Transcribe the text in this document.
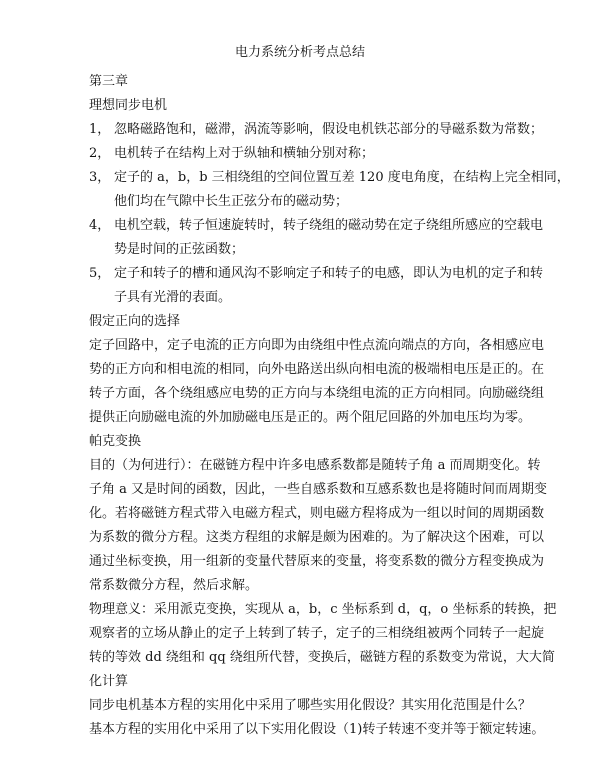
电力系统分析考点总结
第三章
理想同步电机
1， 忽略磁路饱和，磁滞，涡流等影响，假设电机铁芯部分的导磁系数为常数；
2， 电机转子在结构上对于纵轴和横轴分别对称；
3， 定子的 a，b，b 三相绕组的空间位置互差 120 度电角度，在结构上完全相同，
他们均在气隙中长生正弦分布的磁动势；
4， 电机空载，转子恒速旋转时，转子绕组的磁动势在定子绕组所感应的空载电
势是时间的正弦函数；
5， 定子和转子的槽和通风沟不影响定子和转子的电感，即认为电机的定子和转
子具有光滑的表面。
假定正向的选择
定子回路中，定子电流的正方向即为由绕组中性点流向端点的方向，各相感应电
势的正方向和相电流的相同，向外电路送出纵向相电流的极端相电压是正的。在
转子方面，各个绕组感应电势的正方向与本绕组电流的正方向相同。向励磁绕组
提供正向励磁电流的外加励磁电压是正的。两个阻尼回路的外加电压均为零。
帕克变换
目的（为何进行）：在磁链方程中许多电感系数都是随转子角 a 而周期变化。转
子角 a 又是时间的函数，因此，一些自感系数和互感系数也是将随时间而周期变
化。若将磁链方程式带入电磁方程式，则电磁方程将成为一组以时间的周期函数
为系数的微分方程。这类方程组的求解是颇为困难的。为了解决这个困难，可以
通过坐标变换，用一组新的变量代替原来的变量，将变系数的微分方程变换成为
常系数微分方程，然后求解。
物理意义：采用派克变换，实现从 a，b，c 坐标系到 d，q，o 坐标系的转换，把
观察者的立场从静止的定子上转到了转子，定子的三相绕组被两个同转子一起旋
转的等效 dd 绕组和 qq 绕组所代替，变换后，磁链方程的系数变为常说，大大简
化计算
同步电机基本方程的实用化中采用了哪些实用化假设？其实用化范围是什么？
基本方程的实用化中采用了以下实用化假设（1)转子转速不变并等于额定转速。
